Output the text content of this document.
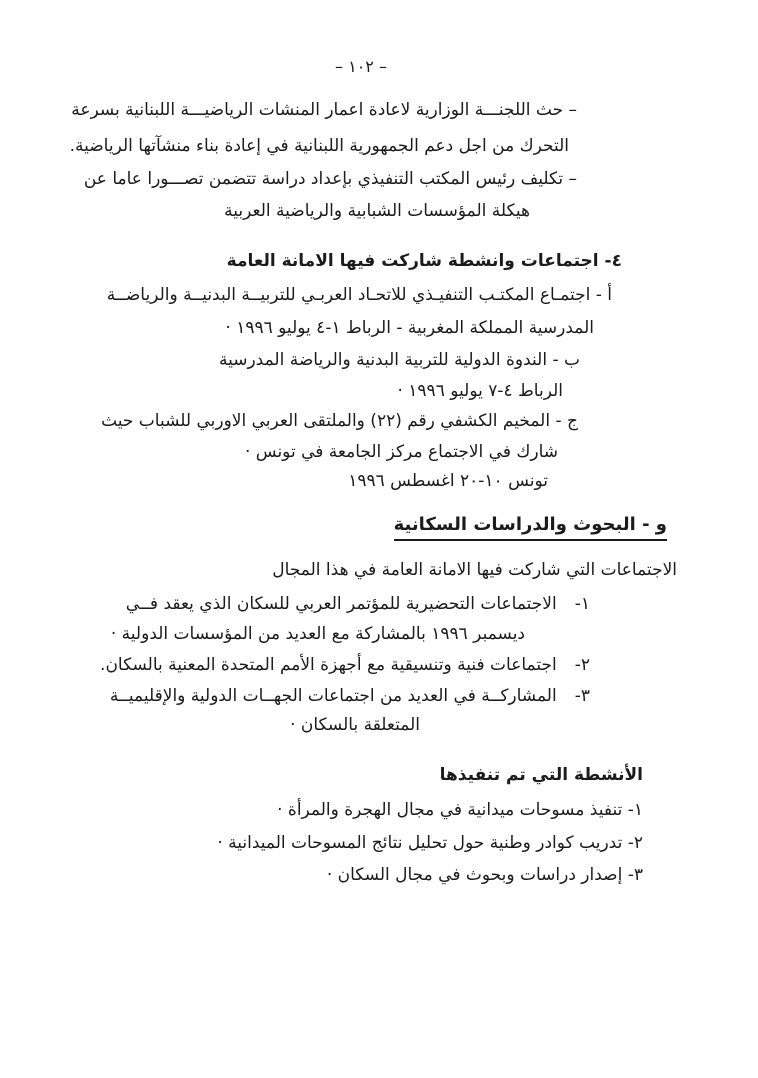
– ١٠٢ –
– حث اللجنـــة الوزارية لاعادة اعمار المنشات الرياضيـــة اللبنانية بسرعة
التحرك من اجل دعم الجمهورية اللبنانية في إعادة بناء منشآتها الرياضية.
– تكليف رئيس المكتب التنفيذي بإعداد دراسة تتضمن تصـــورا عاما عن
هيكلة المؤسسات الشبابية والرياضية العربية
٤- اجتماعات وانشطة شاركت فيها الامانة العامة
أ - اجتمـاع المكتـب التنفيـذي للاتحـاد العربـي للتربيــة البدنيــة والرياضــة
المدرسية المملكة المغربية - الرباط ١-٤ يوليو ١٩٩٦ ·
ب - الندوة الدولية للتربية البدنية والرياضة المدرسية
الرباط ٤-٧ يوليو ١٩٩٦ ·
ج - المخيم الكشفي رقم (٢٢) والملتقى العربي الاوربي للشباب حيث
شارك في الاجتماع مركز الجامعة في تونس ·
تونس ١٠-٢٠ اغسطس ١٩٩٦
و - البحوث والدراسات السكانية
الاجتماعات التي شاركت فيها الامانة العامة في هذا المجال
١-
الاجتماعات التحضيرية للمؤتمر العربي للسكان الذي يعقد فــي
ديسمبر ١٩٩٦ بالمشاركة مع العديد من المؤسسات الدولية ·
٢-
اجتماعات فنية وتنسيقية مع أجهزة الأمم المتحدة المعنية بالسكان.
٣-
المشاركــة في العديد من اجتماعات الجهــات الدولية والإقليميــة
المتعلقة بالسكان ·
الأنشطة التي تم تنفيذها
١- تنفيذ مسوحات ميدانية في مجال الهجرة والمرأة ·
٢- تدريب كوادر وطنية حول تحليل نتائج المسوحات الميدانية ·
٣- إصدار دراسات وبحوث في مجال السكان ·
